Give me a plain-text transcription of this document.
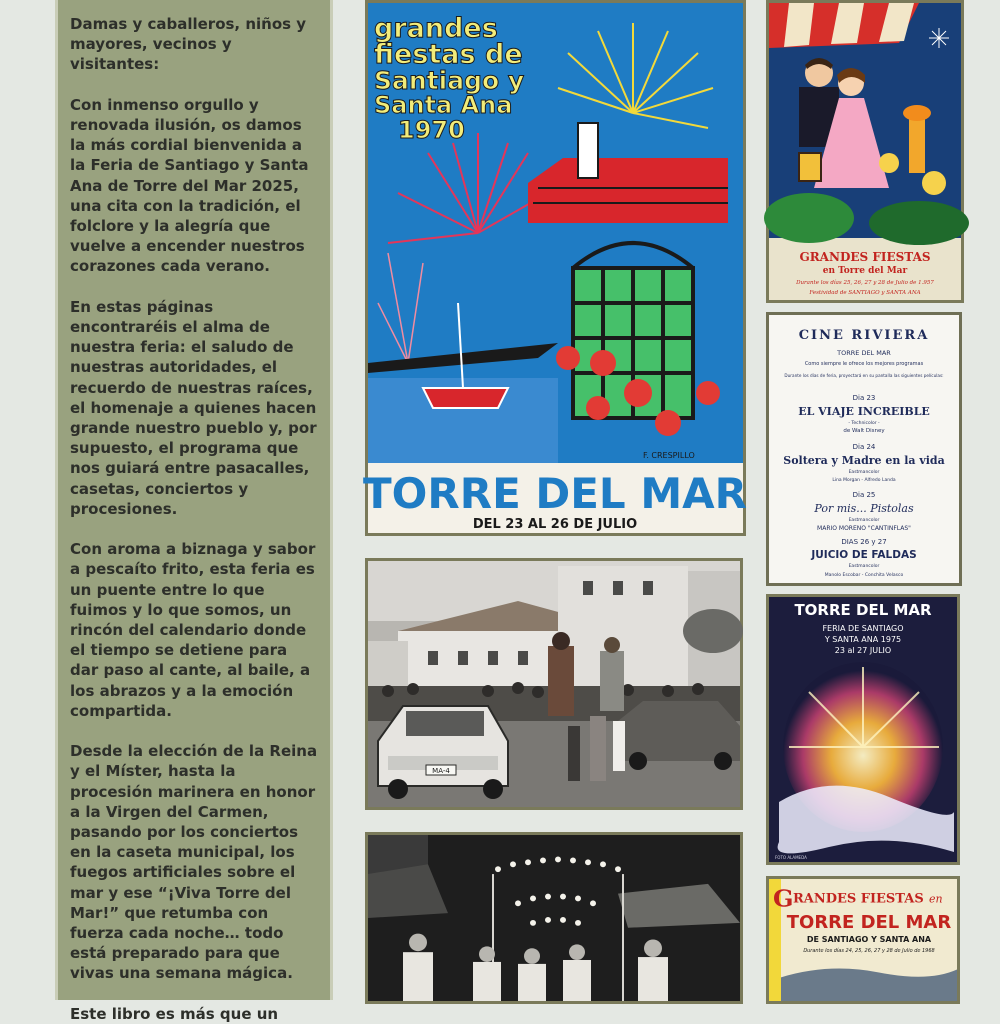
Damas y caballeros, niños y mayores, vecinos y visitantes:

Con inmenso orgullo y renovada ilusión, os damos la más cordial bienvenida a la Feria de Santiago y Santa Ana de Torre del Mar 2025, una cita con la tradición, el folclore y la alegría que vuelve a encender nuestros corazones cada verano.

En estas páginas encontraréis el alma de nuestra feria: el saludo de nuestras autoridades, el recuerdo de nuestras raíces, el homenaje a quienes hacen grande nuestro pueblo y, por supuesto, el programa que nos guiará entre pasacalles, casetas, conciertos y procesiones.

Con aroma a biznaga y sabor a pescaíto frito, esta feria es un puente entre lo que fuimos y lo que somos, un rincón del calendario donde el tiempo se detiene para dar paso al cante, al baile, a los abrazos y a la emoción compartida.

Desde la elección de la Reina y el Míster, hasta la procesión marinera en honor a la Virgen del Carmen, pasando por los conciertos en la caseta municipal, los fuegos artificiales sobre el mar y ese “¡Viva Torre del Mar!” que retumba con fuerza cada noche… todo está preparado para que vivas una semana mágica.

Este libro es más que un

grandes
fiestas de
Santiago y
Santa Ana
1970
F. CRESPILLO
TORRE DEL MAR
DEL 23 AL 26 DE JULIO
GRANDES FIESTAS
en Torre del Mar
Durante los días 25, 26, 27 y 28 de Julio de 1.957
Festividad de SANTIAGO y SANTA ANA
CINE RIVIERA
TORRE DEL MAR
Como siempre le ofrece los mejores programas
Durante los días de feria, proyectará en su pantalla las siguientes películas:
Dia 23
EL VIAJE INCREIBLE
- Technicolor -
de Walt Disney
Dia 24
Soltera y Madre en la vida
Eastmancolor
Lina Morgan - Alfredo Landa
Dia 25
Por mis... Pistolas
Eastmancolor
MARIO MORENO "CANTINFLAS"
DIAS 26 y 27
JUICIO DE FALDAS
Eastmancolor
Manolo Escobar - Conchita Velasco
MA-4
TORRE DEL MAR
FERIA DE SANTIAGO
Y SANTA ANA 1975
23 al 27 JULIO
FOTO ALAMEDA
G RANDES FIESTAS en
TORRE DEL MAR
DE SANTIAGO Y SANTA ANA
Durante los días 24, 25, 26, 27 y 28 de Julio de 1968
